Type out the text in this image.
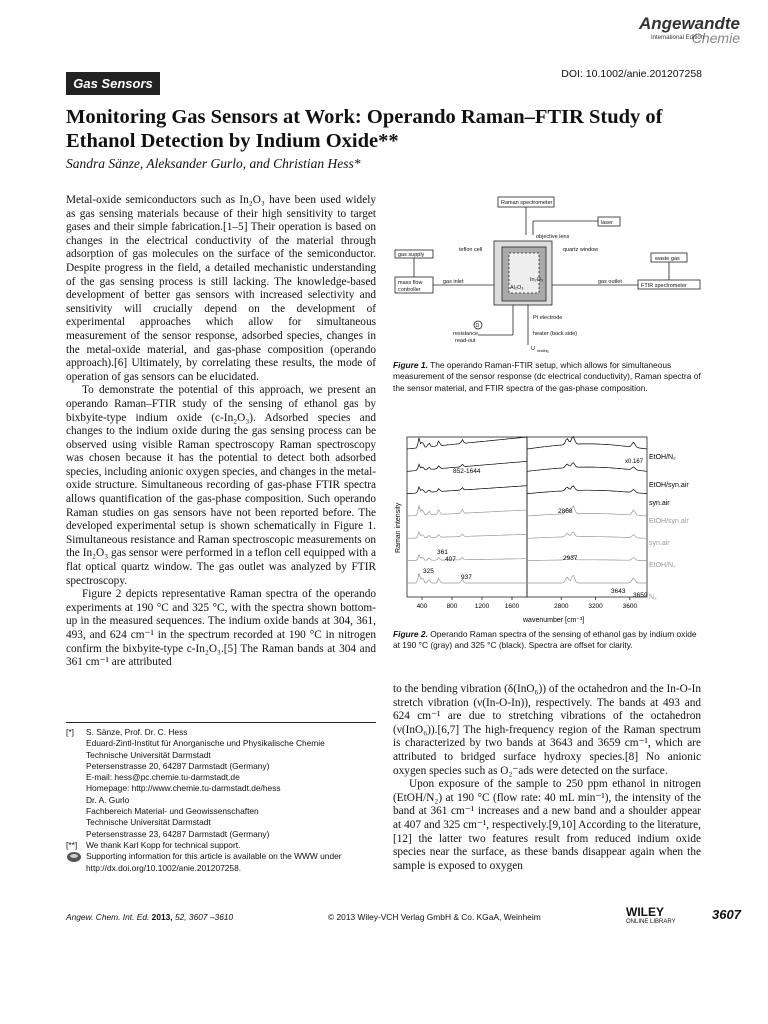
Angewandte
Chemie
International Edition
Gas Sensors
DOI: 10.1002/anie.201207258
Monitoring Gas Sensors at Work: Operando Raman–FTIR Study of Ethanol Detection by Indium Oxide**
Sandra Sänze, Aleksander Gurlo, and Christian Hess*

Metal-oxide semiconductors such as In₂O₃ have been used widely as gas sensing materials because of their high sensitivity to target gases and their simple fabrication.[1–5] Their operation is based on changes in the electrical conductivity of the material through adsorption of gas molecules on the surface of the semiconductor. Despite progress in the field, a detailed mechanistic understanding of the gas sensing process is still lacking. The knowledge-based development of better gas sensors with increased selectivity and sensitivity will crucially depend on the development of experimental approaches which allow for simultaneous measurement of the sensor response, adsorbed species, changes in the metal-oxide material, and gas-phase composition (operando approach).[6] Ultimately, by correlating these results, the mode of operation of gas sensors can be elucidated.

To demonstrate the potential of this approach, we present an operando Raman–FTIR study of the sensing of ethanol gas by bixbyite-type indium oxide (c-In₂O₃). Adsorbed species and changes to the indium oxide during the gas sensing process can be observed using visible Raman spectroscopy Raman spectroscopy was chosen because it has the potential to detect both adsorbed species, including anionic oxygen species, and changes in the metal-oxide structure. Simultaneous recording of gas-phase FTIR spectra allows quantification of the gas-phase composition. Such operando Raman studies on gas sensors have not been reported before. The developed experimental setup is shown schematically in Figure 1. Simultaneous resistance and Raman spectroscopic measurements on the In₂O₃ gas sensor were performed in a teflon cell equipped with a flat optical quartz window. The gas outlet was analyzed by FTIR spectroscopy.

Figure 2 depicts representative Raman spectra of the operando experiments at 190 °C and 325 °C, with the spectra shown bottom-up in the measured sequences. The indium oxide bands at 304, 361, 493, and 624 cm⁻¹ in the spectrum recorded at 190 °C in nitrogen confirm the bixbyite-type c-In₂O₃.[5] The Raman bands at 304 and 361 cm⁻¹ are attributed

[*]	S. Sänze, Prof. Dr. C. Hess
Eduard-Zintl-Institut für Anorganische und Physikalische Chemie
Technische Universität Darmstadt
Petersenstrasse 20, 64287 Darmstadt (Germany)
E-mail: hess@pc.chemie.tu-darmstadt.de
Homepage: http://www.chemie.tu-darmstadt.de/hess
Dr. A. Gurlo
Fachbereich Material- und Geowissenschaften
Technische Universität Darmstadt
Petersenstrasse 23, 64287 Darmstadt (Germany)
[**]	We thank Karl Kopp for technical support.
Supporting information for this article is available on the WWW under http://dx.doi.org/10.1002/anie.201207258.
Raman spectrometer
laser
objective lens
teflon cell	quartz window
gas supply
waste gas
mass flow
controller
gas inlet	gas outlet
FTIR spectrometer
Al₂O₃
In₂O₃
Pt electrode
heater (back side)
resistance
read-out
Ω
U heating
Figure 1. The operando Raman-FTIR setup, which allows for simultaneous measurement of the sensor response (dc electrical conductivity), Raman spectra of the sensor material, and FTIR spectra of the gas-phase composition.
400	800	1200 1600	2800	3200	3600
Raman intensity
wavenumber [cm⁻¹]
x0.167
EtOH/N₂
EtOH/syn.air
syn.air
EtOH/syn.air
syn.air
EtOH/N₂
N₂
852-1644
2868
361
407
325
937
2937
3643
3659
Figure 2. Operando Raman spectra of the sensing of ethanol gas by indium oxide at 190 °C (gray) and 325 °C (black). Spectra are offset for clarity.

to the bending vibration (δ(InO₆)) of the octahedron and the In-O-In stretch vibration (ν(In-O-In)), respectively. The bands at 493 and 624 cm⁻¹ are due to stretching vibrations of the octahedron (ν(InO₆)).[6,7] The high-frequency region of the Raman spectrum is characterized by two bands at 3643 and 3659 cm⁻¹, which are attributed to bridged surface hydroxy species.[8] No anionic oxygen species such as O₂⁻ads were detected on the surface.

Upon exposure of the sample to 250 ppm ethanol in nitrogen (EtOH/N₂) at 190 °C (flow rate: 40 mL min⁻¹), the intensity of the band at 361 cm⁻¹ increases and a new band and a shoulder appear at 407 and 325 cm⁻¹, respectively.[9,10] According to the literature,[12] the latter two features result from reduced indium oxide species near the surface, as these bands disappear again when the sample is exposed to oxygen

Angew. Chem. Int. Ed. 2013, 52, 3607 –3610	© 2013 Wiley-VCH Verlag GmbH & Co. KGaA, Weinheim	WILEY
ONLINE LIBRARY	3607
